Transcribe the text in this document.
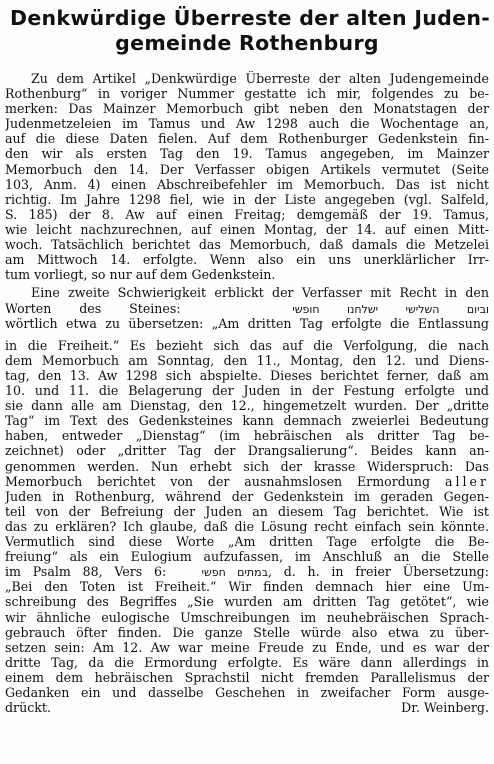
Denkwürdige Überreste der alten Juden-
gemeinde Rothenburg
Zu dem Artikel „Denkwürdige Überreste der alten Judengemeinde
Rothenburg“ in voriger Nummer gestatte ich mir, folgendes zu be-
merken: Das Mainzer Memorbuch gibt neben den Monatstagen der
Judenmetzeleien im Tamus und Aw 1298 auch die Wochentage an,
auf die diese Daten fielen. Auf dem Rothenburger Gedenkstein fin-
den wir als ersten Tag den 19. Tamus angegeben, im Mainzer
Memorbuch den 14. Der Verfasser obigen Artikels vermutet (Seite
103, Anm. 4) einen Abschreibefehler im Memorbuch. Das ist nicht
richtig. Im Jahre 1298 fiel, wie in der Liste angegeben (vgl. Salfeld,
S. 185) der 8. Aw auf einen Freitag; demgemäß der 19. Tamus,
wie leicht nachzurechnen, auf einen Montag, der 14. auf einen Mitt-
woch. Tatsächlich berichtet das Memorbuch, daß damals die Metzelei
am Mittwoch 14. erfolgte. Wenn also ein uns unerklärlicher Irr-
tum vorliegt, so nur auf dem Gedenkstein.
Eine zweite Schwierigkeit erblickt der Verfasser mit Recht in den
Worten des Steines:    וביום השלישי ישלחנו חופשי
wörtlich etwa zu übersetzen: „Am dritten Tag erfolgte die Entlassung
in die Freiheit.“ Es bezieht sich das auf die Verfolgung, die nach
dem Memorbuch am Sonntag, den 11., Montag, den 12. und Diens-
tag, den 13. Aw 1298 sich abspielte. Dieses berichtet ferner, daß am
10. und 11. die Belagerung der Juden in der Festung erfolgte und
sie dann alle am Dienstag, den 12., hingemetzelt wurden. Der „dritte
Tag“ im Text des Gedenksteines kann demnach zweierlei Bedeutung
haben, entweder „Dienstag“ (im hebräischen als dritter Tag be-
zeichnet) oder „dritter Tag der Drangsalierung“. Beides kann an-
genommen werden. Nun erhebt sich der krasse Widerspruch: Das
Memorbuch berichtet von der ausnahmslosen Ermordung aller
Juden in Rothenburg, während der Gedenkstein im geraden Gegen-
teil von der Befreiung der Juden an diesem Tag berichtet. Wie ist
das zu erklären? Ich glaube, daß die Lösung recht einfach sein könnte.
Vermutlich sind diese Worte „Am dritten Tage erfolgte die Be-
freiung“ als ein Eulogium aufzufassen, im Anschluß an die Stelle
im Psalm 88, Vers 6:   במתים חפשי, d. h. in freier Übersetzung:
„Bei den Toten ist Freiheit.“ Wir finden demnach hier eine Um-
schreibung des Begriffes „Sie wurden am dritten Tag getötet“, wie
wir ähnliche eulogische Umschreibungen im neuhebräischen Sprach-
gebrauch öfter finden. Die ganze Stelle würde also etwa zu über-
setzen sein: Am 12. Aw war meine Freude zu Ende, und es war der
dritte Tag, da die Ermordung erfolgte. Es wäre dann allerdings in
einem dem hebräischen Sprachstil nicht fremden Parallelismus der
Gedanken ein und dasselbe Geschehen in zweifacher Form ausge-
drückt.	Dr. Weinberg.
